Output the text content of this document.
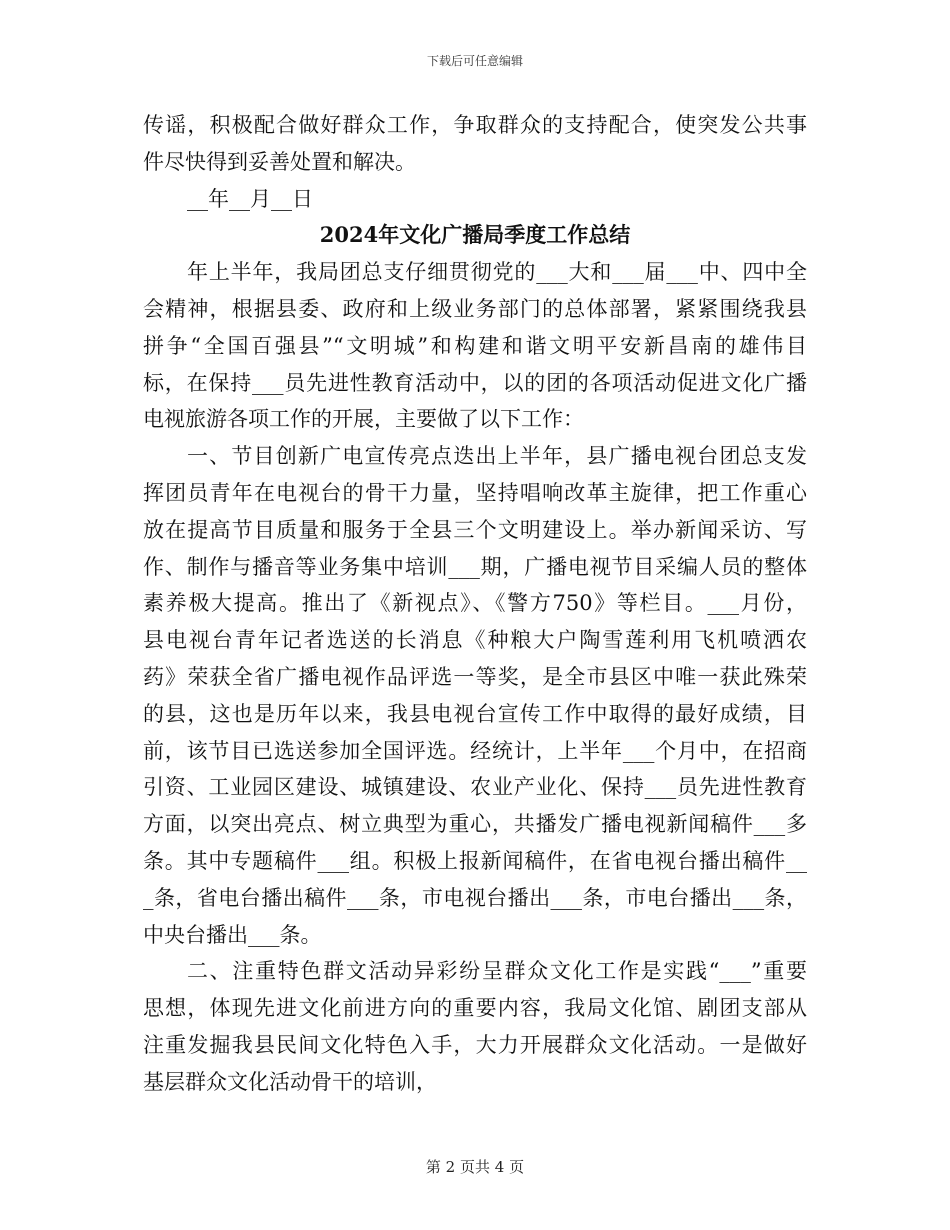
下载后可任意编辑
传谣，积极配合做好群众工作，争取群众的支持配合，使突发公共事
件尽快得到妥善处置和解决。
__年__月__日
2024年文化广播局季度工作总结
年上半年，我局团总支仔细贯彻党的___大和___届___中、四中全
会精神，根据县委、政府和上级业务部门的总体部署，紧紧围绕我县
拼争“全国百强县”“文明城”和构建和谐文明平安新昌南的雄伟目
标，在保持___员先进性教育活动中，以的团的各项活动促进文化广播
电视旅游各项工作的开展，主要做了以下工作：
一、节目创新广电宣传亮点迭出上半年，县广播电视台团总支发
挥团员青年在电视台的骨干力量，坚持唱响改革主旋律，把工作重心
放在提高节目质量和服务于全县三个文明建设上。举办新闻采访、写
作、制作与播音等业务集中培训___期，广播电视节目采编人员的整体
素养极大提高。推出了《新视点》、《警方750》等栏目。___月份，
县电视台青年记者选送的长消息《种粮大户陶雪莲利用飞机喷洒农
药》荣获全省广播电视作品评选一等奖，是全市县区中唯一获此殊荣
的县，这也是历年以来，我县电视台宣传工作中取得的最好成绩，目
前，该节目已选送参加全国评选。经统计，上半年___个月中，在招商
引资、工业园区建设、城镇建设、农业产业化、保持___员先进性教育
方面，以突出亮点、树立典型为重心，共播发广播电视新闻稿件___多
条。其中专题稿件___组。积极上报新闻稿件，在省电视台播出稿件__
_条，省电台播出稿件___条，市电视台播出___条，市电台播出___条，
中央台播出___条。
二、注重特色群文活动异彩纷呈群众文化工作是实践“___”重要
思想，体现先进文化前进方向的重要内容，我局文化馆、剧团支部从
注重发掘我县民间文化特色入手，大力开展群众文化活动。一是做好
基层群众文化活动骨干的培训，
第 2 页共 4 页
